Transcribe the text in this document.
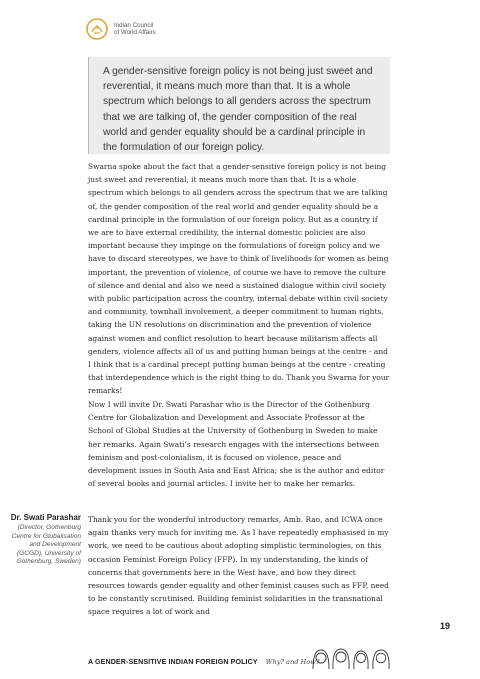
Indian Council
of World Affairs
A gender-sensitive foreign policy is not being just sweet and reverential, it means much more than that. It is a whole spectrum which belongs to all genders across the spectrum that we are talking of, the gender composition of the real world and gender equality should be a cardinal principle in the formulation of our foreign policy.

Swarna spoke about the fact that a gender-sensitive foreign policy is not being just sweet and reverential, it means much more than that. It is a whole spectrum which belongs to all genders across the spectrum that we are talking of, the gender composition of the real world and gender equality should be a cardinal principle in the formulation of our foreign policy. But as a country if we are to have external credibility, the internal domestic policies are also important because they impinge on the formulations of foreign policy and we have to discard stereotypes, we have to think of livelihoods for women as being important, the prevention of violence, of course we have to remove the culture of silence and denial and also we need a sustained dialogue within civil society with public participation across the country, internal debate within civil society and community, townhall involvement, a deeper commitment to human rights, taking the UN resolutions on discrimination and the prevention of violence against women and conflict resolution to heart because militarism affects all genders, violence affects all of us and putting human beings at the centre - and I think that is a cardinal precept putting human beings at the centre - creating that interdependence which is the right thing to do. Thank you Swarna for your remarks!

Now I will invite Dr. Swati Parashar who is the Director of the Gothenburg Centre for Globalization and Development and Associate Professor at the School of Global Studies at the University of Gothenburg in Sweden to make her remarks. Again Swati’s research engages with the intersections between feminism and post-colonialism, it is focused on violence, peace and development issues in South Asia and East Africa; she is the author and editor of several books and journal articles. I invite her to make her remarks.

Dr. Swati Parashar
(Director, Gothenburg Centre for Globalisation and Development (GCGD), University of Gothenburg, Sweden)

Thank you for the wonderful introductory remarks, Amb. Rao, and ICWA once again thanks very much for inviting me. As I have repeatedly emphasised in my work, we need to be cautious about adopting simplistic terminologies, on this occasion Feminist Foreign Policy (FFP). In my understanding, the kinds of concerns that governments here in the West have, and how they direct resources towards gender equality and other feminist causes such as FFP, need to be constantly scrutinised. Building feminist solidarities in the transnational space requires a lot of work and

19
A GENDER-SENSITIVE INDIAN FOREIGN POLICY Why? and How?
